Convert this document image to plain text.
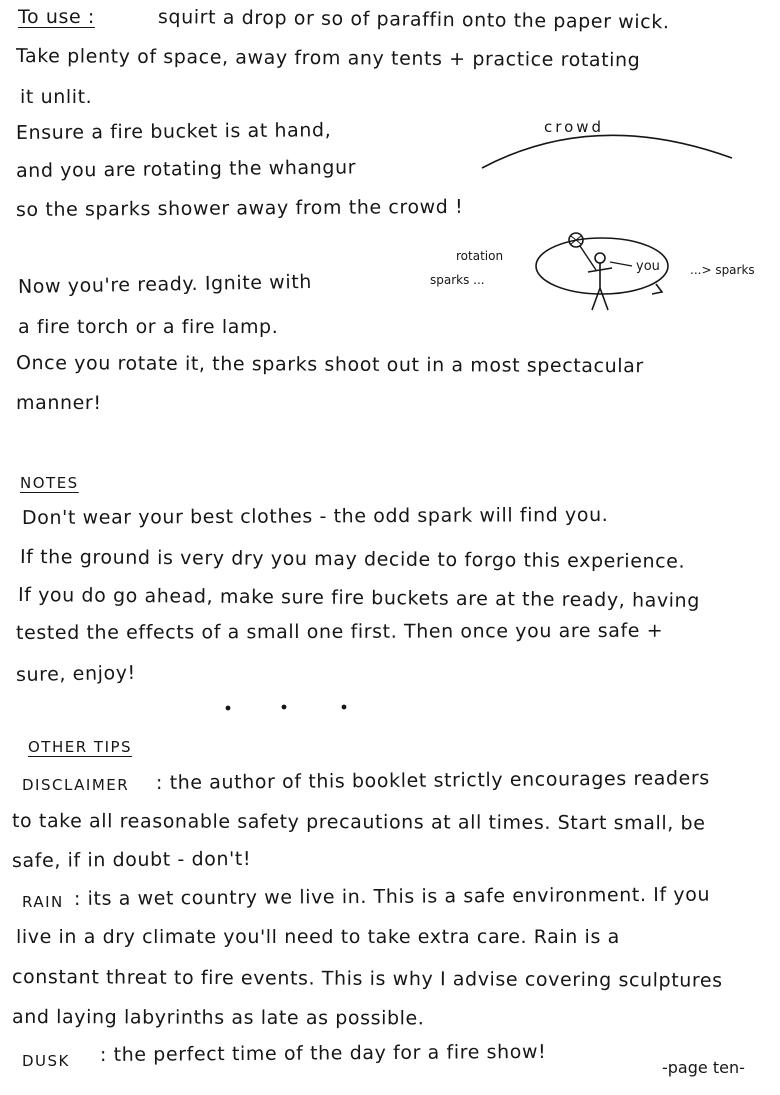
To use :	squirt a drop or so of paraffin onto the paper wick.
Take plenty of space, away from any tents + practice rotating
it unlit.
Ensure a fire bucket is at hand,
and you are rotating the whangur
so the sparks shower away from the crowd !
Now you're ready. Ignite with
a fire torch or a fire lamp.
Once you rotate it, the sparks shoot out in a most spectacular
manner!
crowd
rotation
sparks ...
you	...> sparks
NOTES
Don't wear your best clothes - the odd spark will find you.
If the ground is very dry you may decide to forgo this experience.
If you do go ahead, make sure fire buckets are at the ready, having
tested the effects of a small one first. Then once you are safe +
sure, enjoy!
OTHER TIPS
DISCLAIMER : the author of this booklet strictly encourages readers
to take all reasonable safety precautions at all times. Start small, be
safe, if in doubt - don't!
RAIN : its a wet country we live in. This is a safe environment. If you
live in a dry climate you'll need to take extra care. Rain is a
constant threat to fire events. This is why I advise covering sculptures
and laying labyrinths as late as possible.
DUSK : the perfect time of the day for a fire show!
-page ten-
